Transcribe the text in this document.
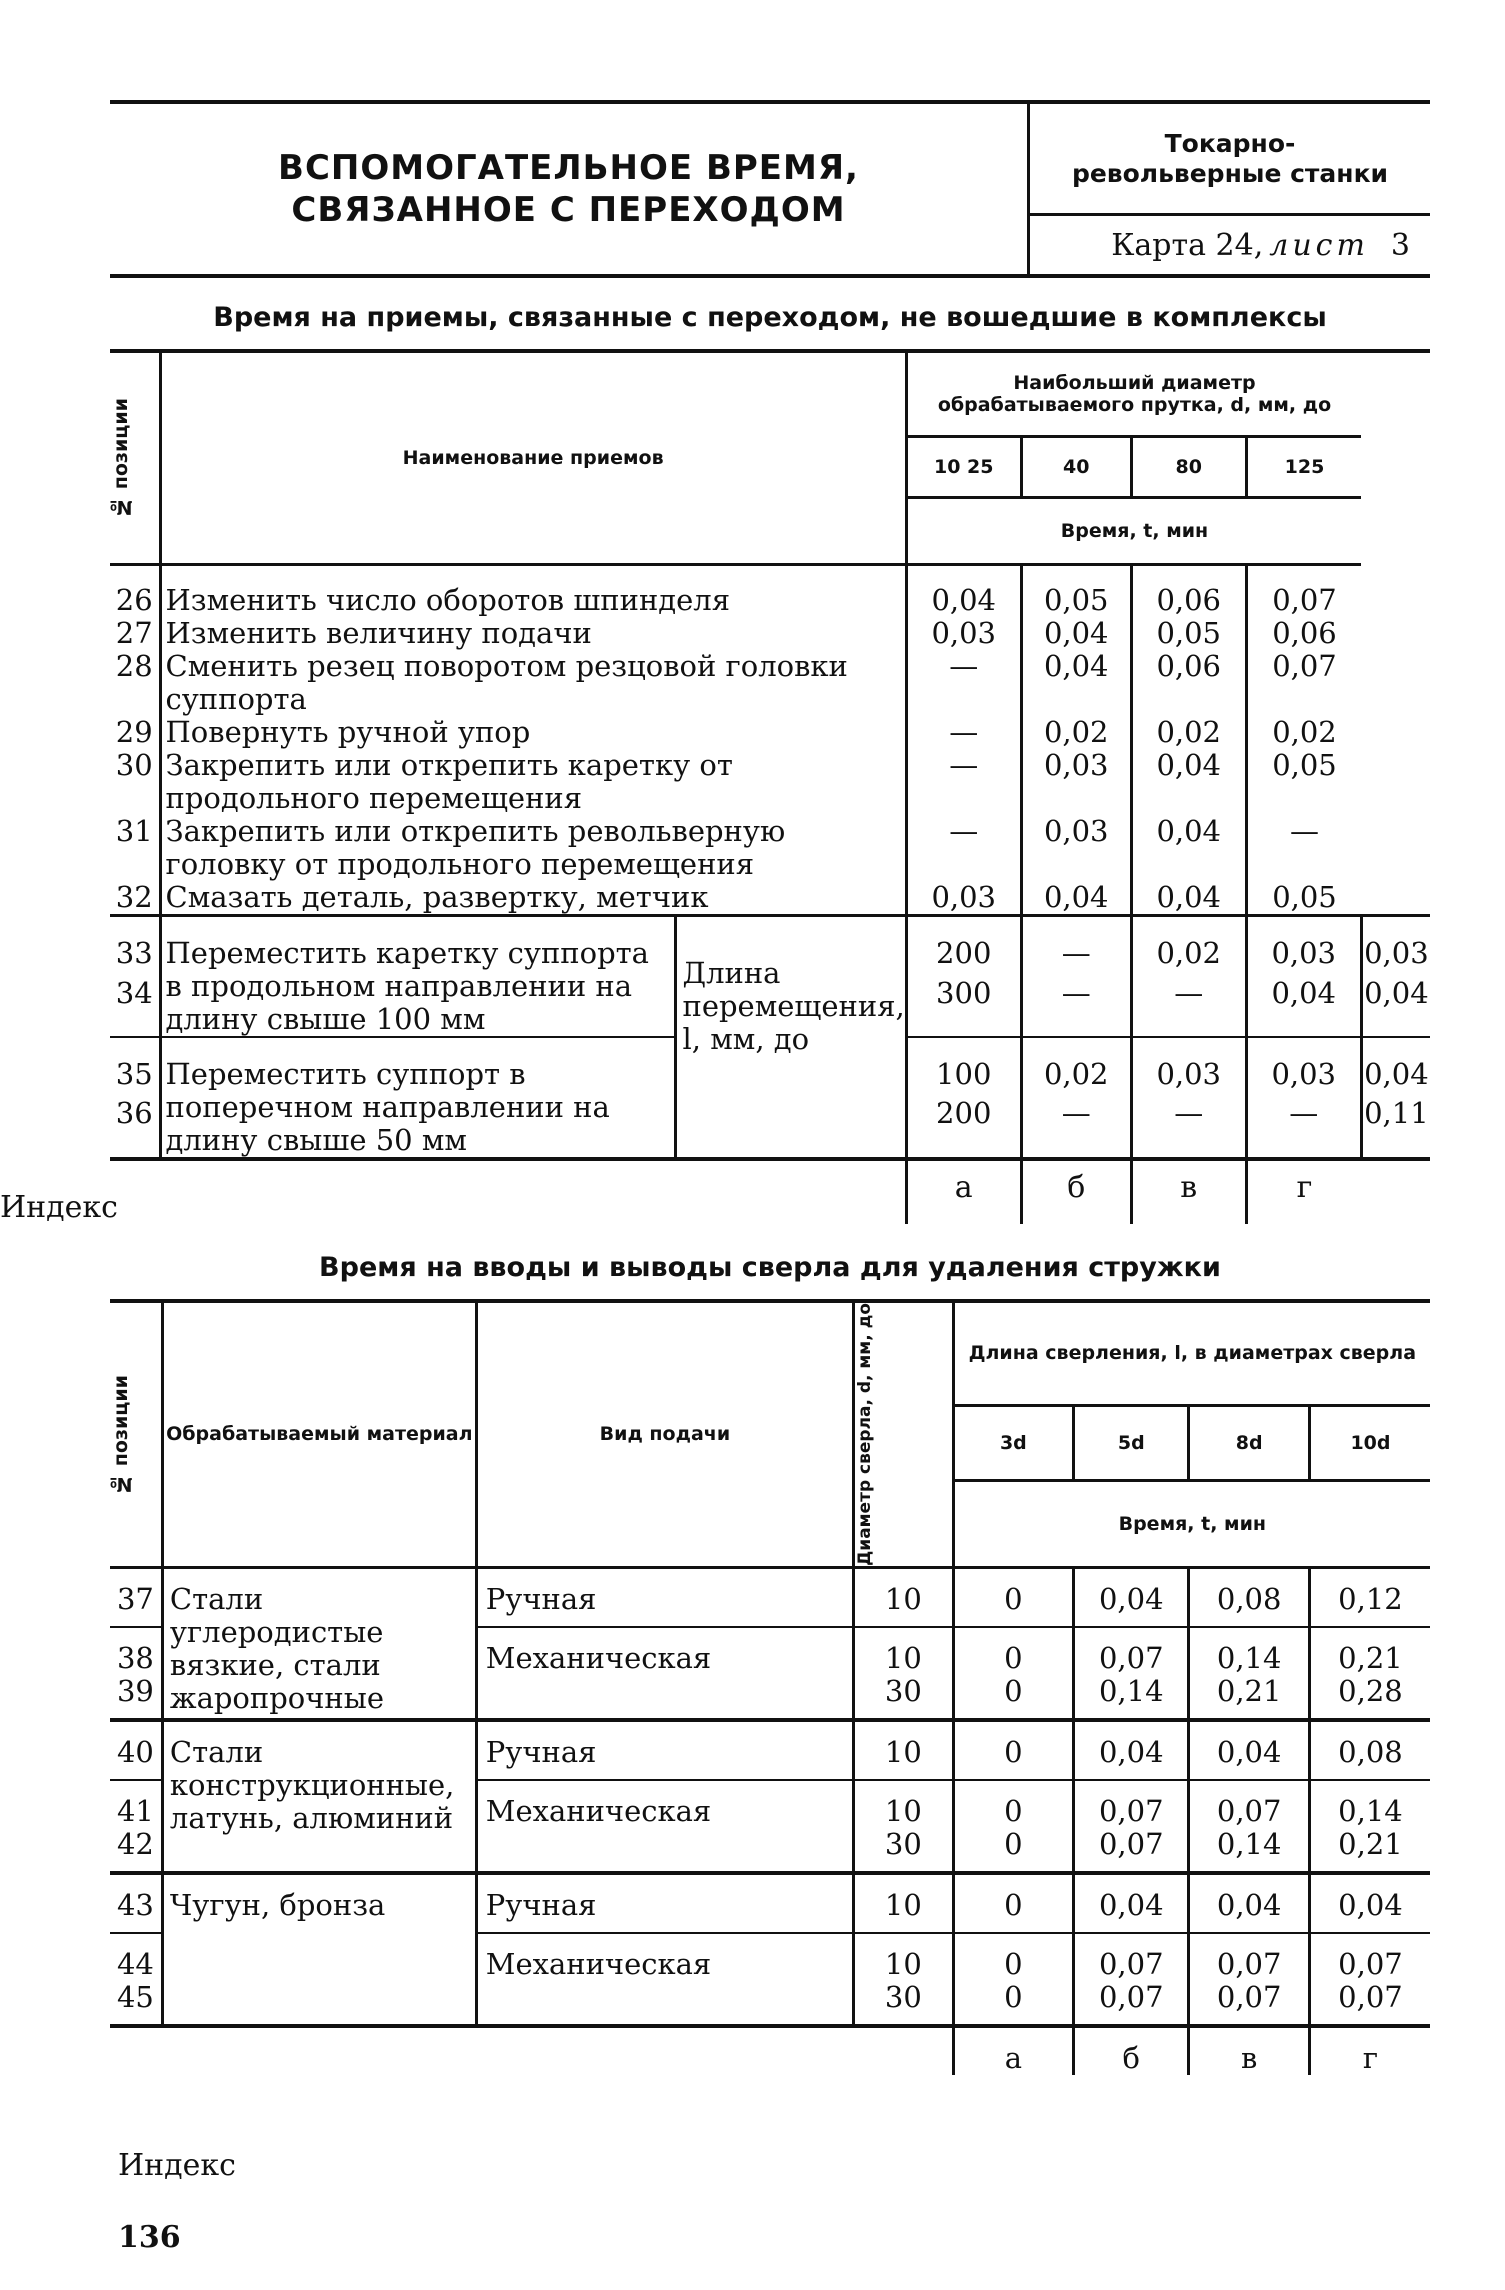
ВСПОМОГАТЕЛЬНОЕ ВРЕМЯ,
СВЯЗАННОЕ С ПЕРЕХОДОМ
Токарно-
револьверные станки
Карта 24, лист 3
Время на приемы, связанные с переходом, не вошедшие в комплексы
№ позиции	Наименование приемов	Наибольший диаметр обрабатываемого прутка, d, мм, до
10 25	40	80	125
Время, t, мин
26	Изменить число оборотов шпинделя	0,04	0,05	0,06	0,07
27	Изменить величину подачи	0,03	0,04	0,05	0,06
28	Сменить резец поворотом резцовой головки суппорта	—	0,04	0,06	0,07
29	Повернуть ручной упор	—	0,02	0,02	0,02
30	Закрепить или открепить каретку от продольного перемещения	—	0,03	0,04	0,05
31	Закрепить или открепить револьверную головку от продольного перемещения	—	0,03	0,04	—
32	Смазать деталь, развертку, метчик	0,03	0,04	0,04	0,05
33	Переместить каретку суппорта в продольном направлении на длину свыше 100 мм	Длина перемещения, l, мм, до	200	—	0,02	0,03	0,03
34	300	—	—	0,04	0,04
35	Переместить суппорт в поперечном направлении на длину свыше 50 мм	100	0,02	0,03	0,03	0,04
36	200	—	—	—	0,11
Индекс	а	б	в	г
Время на вводы и выводы сверла для удаления стружки
№ позиции	Обрабатываемый материал	Вид подачи	Диаметр сверла, d, мм, до	Длина сверления, l, в диаметрах сверла			
				3d	5d	8d	10d
				Время, t, мин			
37	Стали углеродистые вязкие, стали жаропрочные	Ручная	10	0	0,04	0,08	0,12
38		Механическая	10	0	0,07	0,14	0,21
39			30	0	0,14	0,21	0,28
40	Стали конструкционные, латунь, алюминий	Ручная	10	0	0,04	0,04	0,08
41		Механическая	10	0	0,07	0,07	0,14
42			30	0	0,07	0,14	0,21
43	Чугун, бронза	Ручная	10	0	0,04	0,04	0,04
44		Механическая	10	0	0,07	0,07	0,07
45			30	0	0,07	0,07	0,07
				а	б	в	г
Индекс
136
